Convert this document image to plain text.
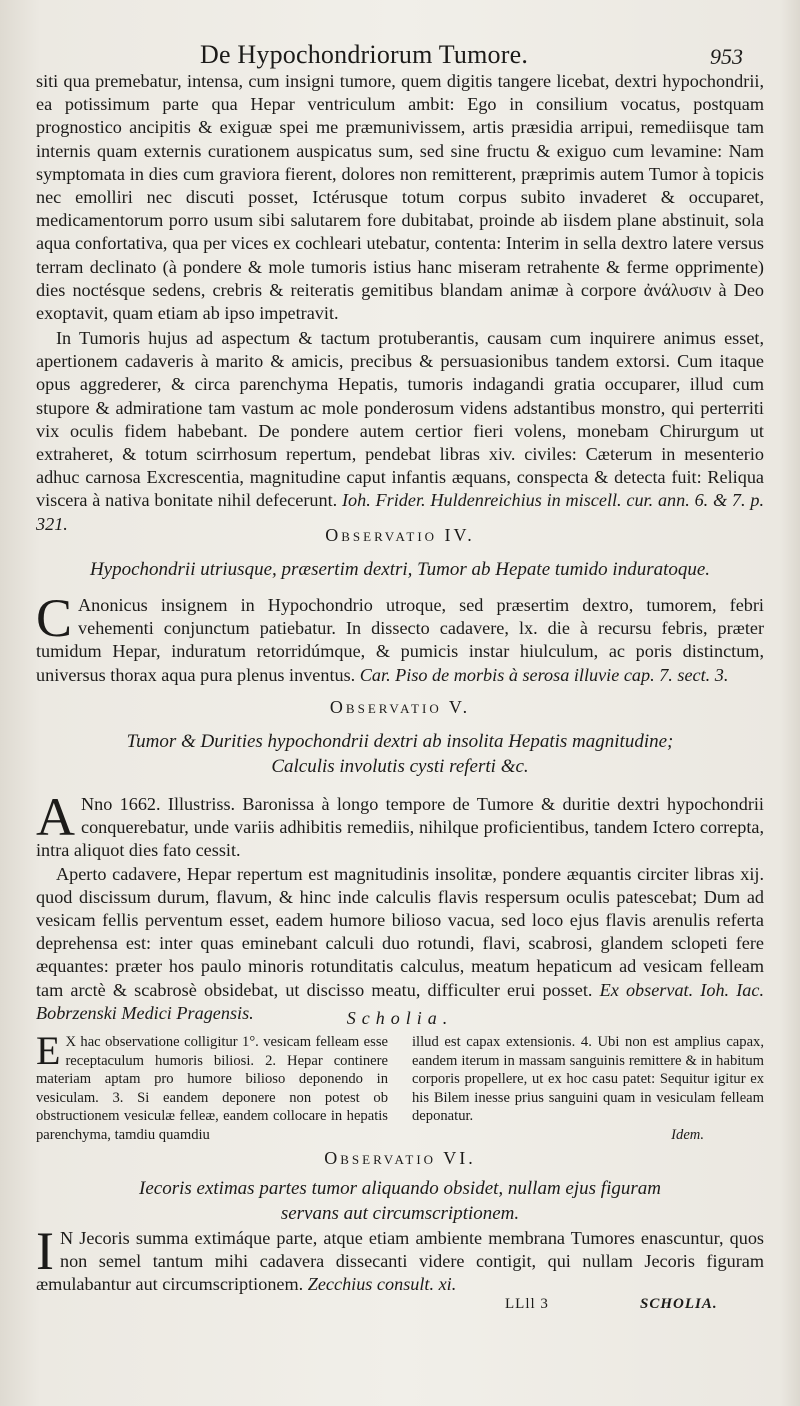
De Hypochondriorum Tumore.	953

siti qua premebatur, intensa, cum insigni tumore, quem digitis tangere licebat, dextri hypochondrii, ea potissimum parte qua Hepar ventriculum ambit: Ego in consilium vocatus, postquam prognostico ancipitis & exiguæ spei me præmunivissem, artis præsidia arripui, remediisque tam internis quam externis curationem auspicatus sum, sed sine fructu & exiguo cum levamine: Nam symptomata in dies cum graviora fierent, dolores non remitterent, præprimis autem Tumor à topicis nec emolliri nec discuti posset, Ictérusque totum corpus subito invaderet & occuparet, medicamentorum porro usum sibi salutarem fore dubitabat, proinde ab iisdem plane abstinuit, sola aqua confortativa, qua per vices ex cochleari utebatur, contenta: Interim in sella dextro latere versus terram declinato (à pondere & mole tumoris istius hanc miseram retrahente & ferme opprimente) dies noctésque sedens, crebris & reiteratis gemitibus blandam animæ à corpore ἀνάλυσιν à Deo exoptavit, quam etiam ab ipso impetravit.

In Tumoris hujus ad aspectum & tactum protuberantis, causam cum inquirere animus esset, apertionem cadaveris à marito & amicis, precibus & persuasionibus tandem extorsi. Cum itaque opus aggrederer, & circa parenchyma Hepatis, tumoris indagandi gratia occuparer, illud cum stupore & admiratione tam vastum ac mole ponderosum videns adstantibus monstro, qui perterriti vix oculis fidem habebant. De pondere autem certior fieri volens, monebam Chirurgum ut extraheret, & totum scirrhosum repertum, pendebat libras xiv. civiles: Cæterum in mesenterio adhuc carnosa Excrescentia, magnitudine caput infantis æquans, conspecta & detecta fuit: Reliqua viscera à nativa bonitate nihil defecerunt. Ioh. Frider. Huldenreichius in miscell. cur. ann. 6. & 7. p. 321.

Observatio IV.
Hypochondrii utriusque, præsertim dextri, Tumor ab Hepate tumido induratoque.

C Anonicus insignem in Hypochondrio utroque, sed præsertim dextro, tumorem, febri vehementi conjunctum patiebatur. In dissecto cadavere, lx. die à recursu febris, præter tumidum Hepar, induratum retorridúmque, & pumicis instar hiulculum, ac poris distinctum, universus thorax aqua pura plenus inventus. Car. Piso de morbis à serosa illuvie cap. 7. sect. 3.

Observatio V.
Tumor & Durities hypochondrii dextri ab insolita Hepatis magnitudine;
Calculis involutis cysti referti &c.

A Nno 1662. Illustriss. Baronissa à longo tempore de Tumore & duritie dextri hypochondrii conquerebatur, unde variis adhibitis remediis, nihilque proficientibus, tandem Ictero correpta, intra aliquot dies fato cessit.

Aperto cadavere, Hepar repertum est magnitudinis insolitæ, pondere æquantis circiter libras xij. quod discissum durum, flavum, & hinc inde calculis flavis respersum oculis patescebat; Dum ad vesicam fellis perventum esset, eadem humore bilioso vacua, sed loco ejus flavis arenulis referta deprehensa est: inter quas eminebant calculi duo rotundi, flavi, scabrosi, glandem sclopeti fere æquantes: præter hos paulo minoris rotunditatis calculus, meatum hepaticum ad vesicam felleam tam arctè & scabrosè obsidebat, ut discisso meatu, difficulter erui posset. Ex observat. Ioh. Iac. Bobrzenski Medici Pragensis.	Scholia.
E X hac observatione colligitur 1°. vesicam felleam esse receptaculum humoris biliosi. 2. Hepar continere materiam aptam pro humore bilioso deponendo in vesiculam. 3. Si eandem deponere non potest ob obstructionem vesiculæ felleæ, eandem collocare in hepatis parenchyma, tamdiu quamdiu
illud est capax extensionis. 4. Ubi non est amplius capax, eandem iterum in massam sanguinis remittere & in habitum corporis propellere, ut ex hoc casu patet: Sequitur igitur ex his Bilem inesse prius sanguini quam in vesiculam felleam deponatur.
Idem.
Observatio VI.
Iecoris extimas partes tumor aliquando obsidet, nullam ejus figuram
servans aut circumscriptionem.

I N Jecoris summa extimáque parte, atque etiam ambiente membrana Tumores enascuntur, quos non semel tantum mihi cadavera dissecanti videre contigit, qui nullam Jecoris figuram æmulabantur aut circumscriptionem. Zecchius consult. xi.

LLll 3	SCHOLIA.
